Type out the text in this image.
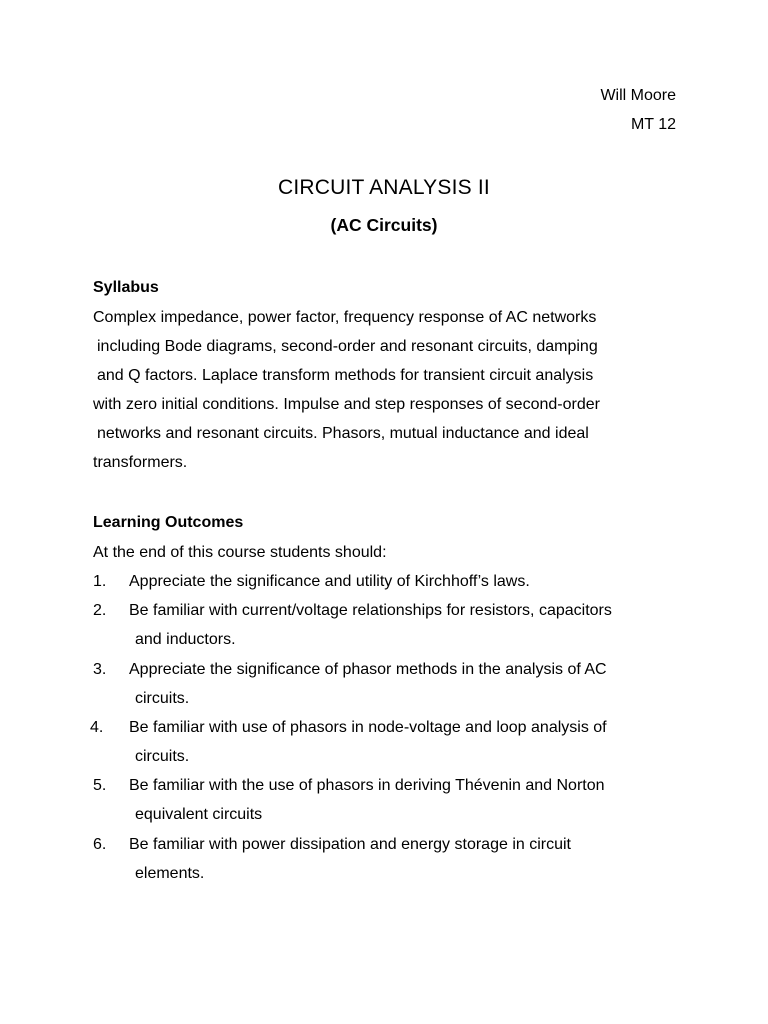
Will Moore

MT 12

CIRCUIT ANALYSIS II
(AC Circuits)
Syllabus

Complex impedance, power factor, frequency response of AC networks

including Bode diagrams, second-order and resonant circuits, damping

and Q factors. Laplace transform methods for transient circuit analysis

with zero initial conditions. Impulse and step responses of second-order

networks and resonant circuits. Phasors, mutual inductance and ideal

transformers.

Learning Outcomes

At the end of this course students should:

1. Appreciate the significance and utility of Kirchhoff’s laws.
2. Be familiar with current/voltage relationships for resistors, capacitors
and inductors.
3. Appreciate the significance of phasor methods in the analysis of AC
circuits.
4. Be familiar with use of phasors in node-voltage and loop analysis of
circuits.
5. Be familiar with the use of phasors in deriving Thévenin and Norton
equivalent circuits
6. Be familiar with power dissipation and energy storage in circuit
elements.
